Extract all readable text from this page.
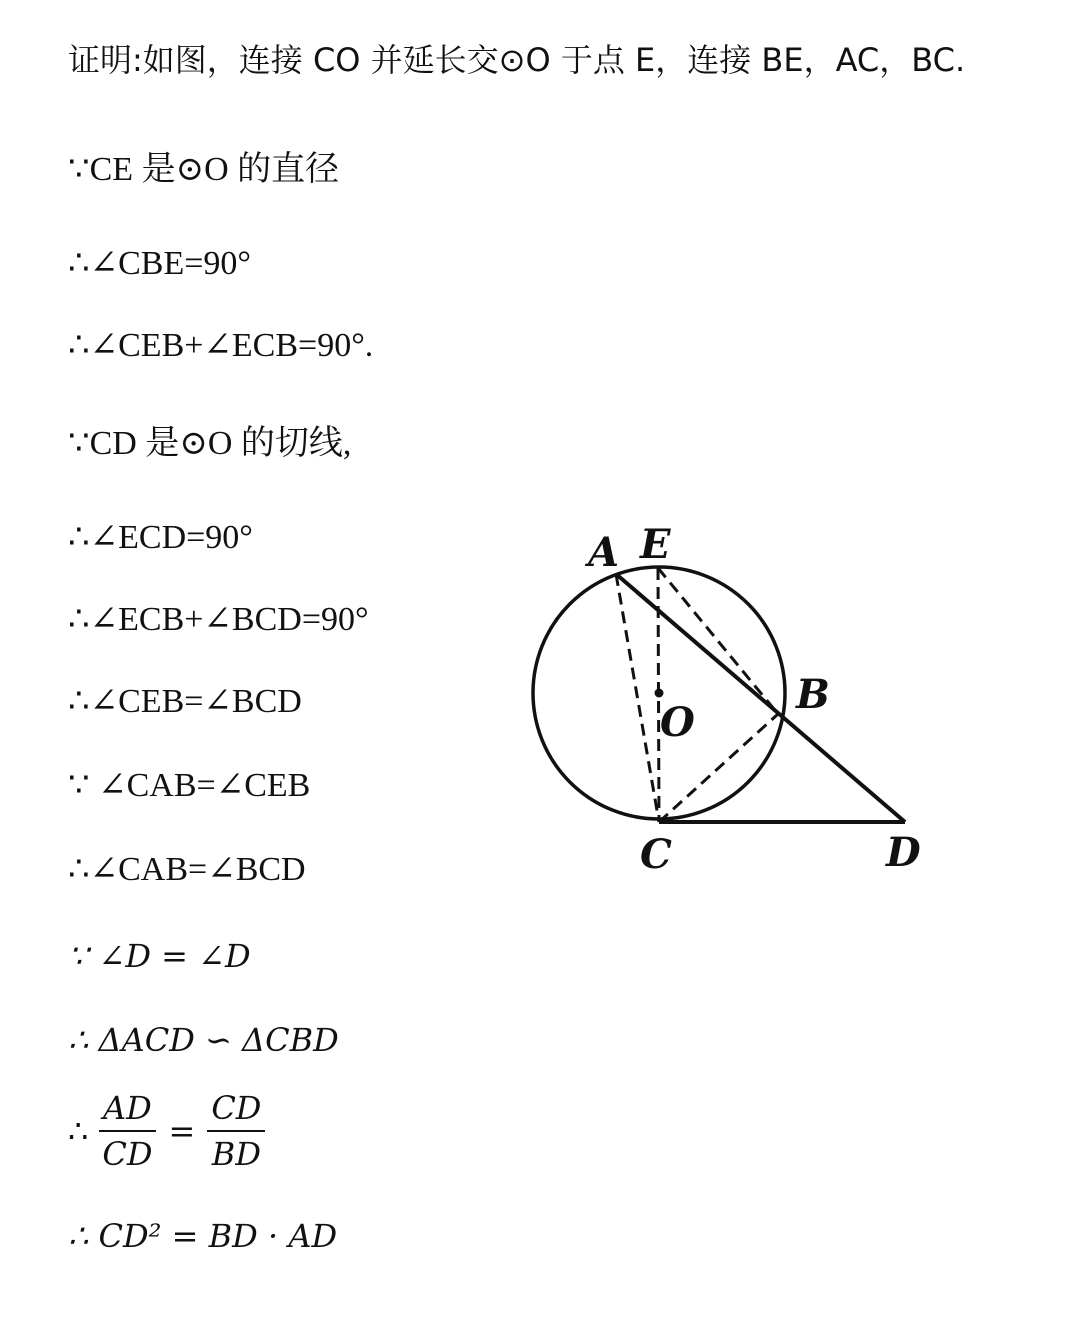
证明:如图，连接 CO 并延长交⊙O 于点 E，连接 BE，AC，BC.
∵CE 是⊙O 的直径
∴∠CBE=90°
∴∠CEB+∠ECB=90°.
∵CD 是⊙O 的切线,
∴∠ECD=90°
∴∠ECB+∠BCD=90°
∴∠CEB=∠BCD
∵ ∠CAB=∠CEB
∴∠CAB=∠BCD
∵ ∠D = ∠D
∴ ΔACD ∽ ΔCBD
∴ $\frac{AD}{CD} = \frac{CD}{BD}$
∴ CD² = BD · AD
A E
B
O
C	D
